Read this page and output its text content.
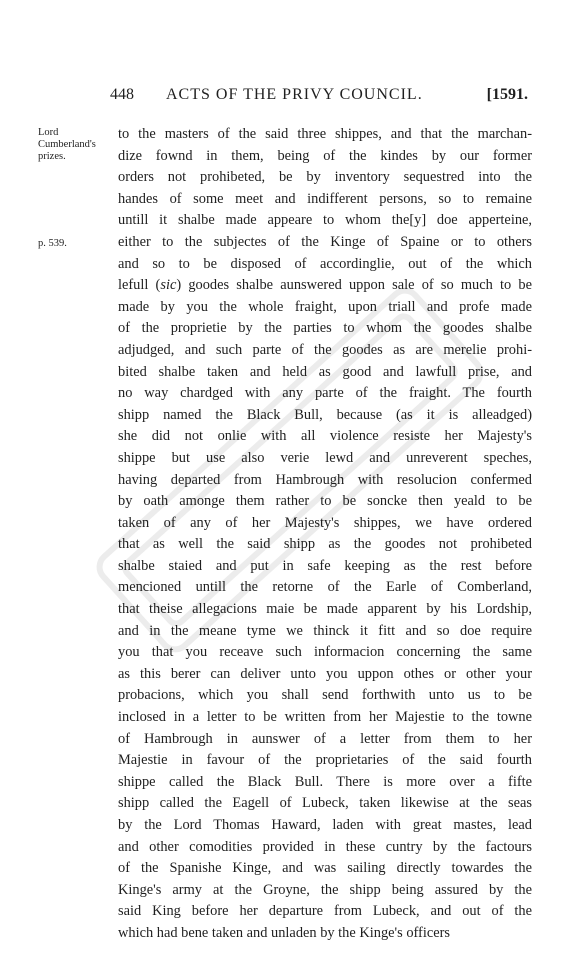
448 ACTS OF THE PRIVY COUNCIL.	[1591.
Lord
Cumberland's
prizes.
p. 539.
to the masters of the said three shippes, and that the marchan-
dize fownd in them, being of the kindes by our former
orders not prohibeted, be by inventory sequestred into the
handes of some meet and indifferent persons, so to remaine
untill it shalbe made appeare to whom the[y] doe apperteine,
either to the subjectes of the Kinge of Spaine or to others
and so to be disposed of accordinglie, out of the which
lefull (sic) goodes shalbe aunswered uppon sale of so much to be
made by you the whole fraight, upon triall and profe made
of the proprietie by the parties to whom the goodes shalbe
adjudged, and such parte of the goodes as are merelie prohi-
bited shalbe taken and held as good and lawfull prise, and
no way chardged with any parte of the fraight. The fourth
shipp named the Black Bull, because (as it is alleadged)
she did not onlie with all violence resiste her Majesty's
shippe but use also verie lewd and unreverent speches,
having departed from Hambrough with resolucion confermed
by oath amonge them rather to be soncke then yeald to be
taken of any of her Majesty's shippes, we have ordered
that as well the said shipp as the goodes not prohibeted
shalbe staied and put in safe keeping as the rest before
mencioned untill the retorne of the Earle of Comberland,
that theise allegacions maie be made apparent by his Lordship,
and in the meane tyme we thinck it fitt and so doe require
you that you receave such informacion concerning the same
as this berer can deliver unto you uppon othes or other your
probacions, which you shall send forthwith unto us to be
inclosed in a letter to be written from her Majestie to the towne
of Hambrough in aunswer of a letter from them to her
Majestie in favour of the proprietaries of the said fourth
shippe called the Black Bull. There is more over a fifte
shipp called the Eagell of Lubeck, taken likewise at the seas
by the Lord Thomas Haward, laden with great mastes, lead
and other comodities provided in these cuntry by the factours
of the Spanishe Kinge, and was sailing directly towardes the
Kinge's army at the Groyne, the shipp being assured by the
said King before her departure from Lubeck, and out of the
which had bene taken and unladen by the Kinge's officers
